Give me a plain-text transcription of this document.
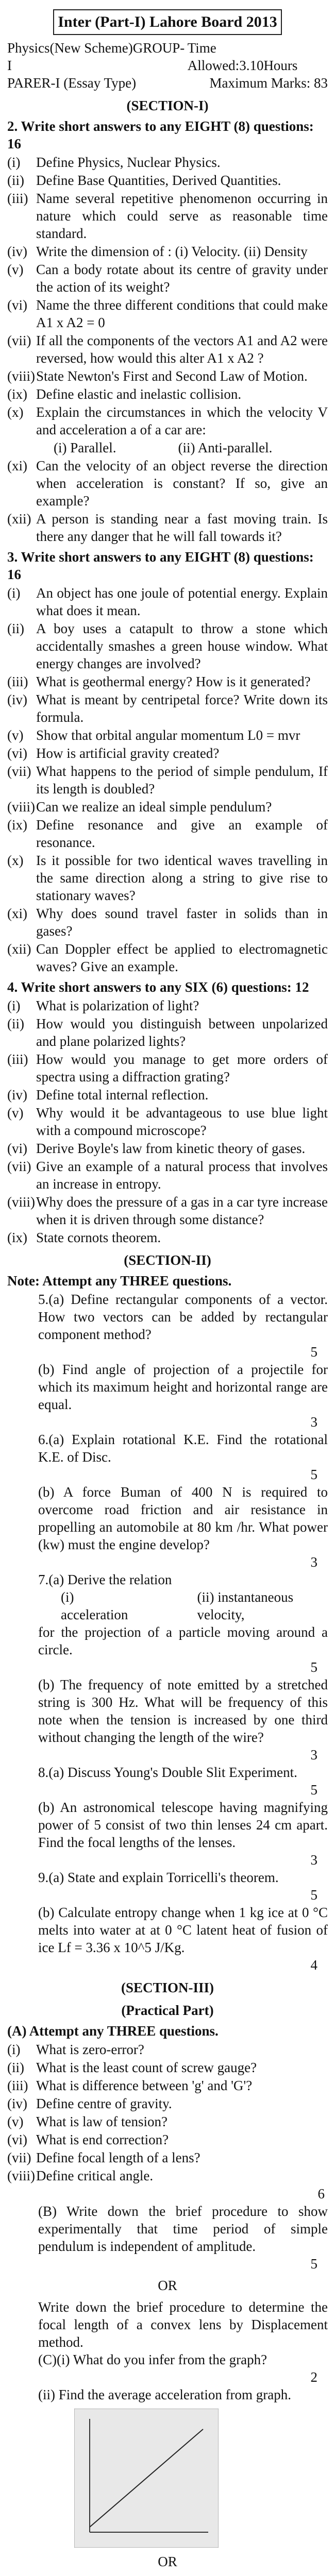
Inter (Part-I) Lahore Board 2013
Physics(New Scheme)GROUP-I
Time Allowed:3.10Hours
PARER-I (Essay Type)	Maximum Marks: 83
(SECTION-I)
2. Write short answers to any EIGHT (8) questions: 16
(i)	Define Physics, Nuclear Physics.
(ii) Define Base Quantities, Derived Quantities.
(iii) Name several repetitive phenomenon occurring in nature which could serve as reasonable time standard.
(iv) Write the dimension of : (i) Velocity. (ii) Density
(v) Can a body rotate about its centre of gravity under the action of its weight?
(vi) Name the three different conditions that could make A1 x A2 = 0
(vii) If all the components of the vectors A1 and A2 were reversed, how would this alter A1 x A2 ?
(viii) State Newton's First and Second Law of Motion.
(ix) Define elastic and inelastic collision.
(x) Explain the circumstances in which the velocity V and acceleration a of a car are:
(i) Parallel.	(ii) Anti-parallel.
(xi) Can the velocity of an object reverse the direction when acceleration is constant? If so, give an example?
(xii) A person is standing near a fast moving train. Is there any danger that he will fall towards it?
3. Write short answers to any EIGHT (8) questions: 16
(i)	An object has one joule of potential energy. Explain what does it mean.
(ii) A boy uses a catapult to throw a stone which accidentally smashes a green house window. What energy changes are involved?
(iii) What is geothermal energy? How is it generated?
(iv) What is meant by centripetal force? Write down its formula.
(v) Show that orbital angular momentum L0 = mvr
(vi) How is artificial gravity created?
(vii) What happens to the period of simple pendulum, If its length is doubled?
(viii) Can we realize an ideal simple pendulum?
(ix) Define resonance and give an example of resonance.
(x) Is it possible for two identical waves travelling in the same direction along a string to give rise to stationary waves?
(xi) Why does sound travel faster in solids than in gases?
(xii) Can Doppler effect be applied to electromagnetic waves? Give an example.
4. Write short answers to any SIX (6) questions: 12
(i)	What is polarization of light?
(ii) How would you distinguish between unpolarized and plane polarized lights?
(iii) How would you manage to get more orders of spectra using a diffraction grating?
(iv) Define total internal reflection.
(v) Why would it be advantageous to use blue light with a compound microscope?
(vi) Derive Boyle's law from kinetic theory of gases.
(vii) Give an example of a natural process that involves an increase in entropy.
(viii) Why does the pressure of a gas in a car tyre increase when it is driven through some distance?
(ix) State cornots theorem.
(SECTION-II)
Note: Attempt any THREE questions.
5.(a) Define rectangular components of a vector. How two vectors can be added by rectangular component method?
5
(b) Find angle of projection of a projectile for which its maximum height and horizontal range are equal.
3
6.(a) Explain rotational K.E. Find the rotational K.E. of Disc.
5
(b) A force Buman of 400 N is required to overcome road friction and air resistance in propelling an automobile at 80 km /hr. What power (kw) must the engine develop?
3
7.(a) Derive the relation
(i) acceleration
(ii) instantaneous velocity,
for the projection of a particle moving around a circle.
5
(b) The frequency of note emitted by a stretched string is 300 Hz. What will be frequency of this note when the tension is increased by one third without changing the length of the wire?
3
8.(a) Discuss Young's Double Slit Experiment.
5
(b) An astronomical telescope having magnifying power of 5 consist of two thin lenses 24 cm apart. Find the focal lengths of the lenses.
3
9.(a) State and explain Torricelli's theorem.
5
(b) Calculate entropy change when 1 kg ice at 0 °C melts into water at at 0 °C latent heat of fusion of ice Lf = 3.36 x 10^5 J/Kg.
4
(SECTION-III)
(Practical Part)
(A) Attempt any THREE questions.
(i)	What is zero-error?
(ii) What is the least count of screw gauge?
(iii) What is difference between 'g' and 'G'?
(iv) Define centre of gravity.
(v) What is law of tension?
(vi) What is end correction?
(vii) Define focal length of a lens?
(viii) Define critical angle.
6
(B) Write down the brief procedure to show experimentally that time period of simple pendulum is independent of amplitude.
5
OR
Write down the brief procedure to determine the focal length of a convex lens by Displacement method.
(C)(i) What do you infer from the graph?
2
(ii) Find the average acceleration from graph.
OR
